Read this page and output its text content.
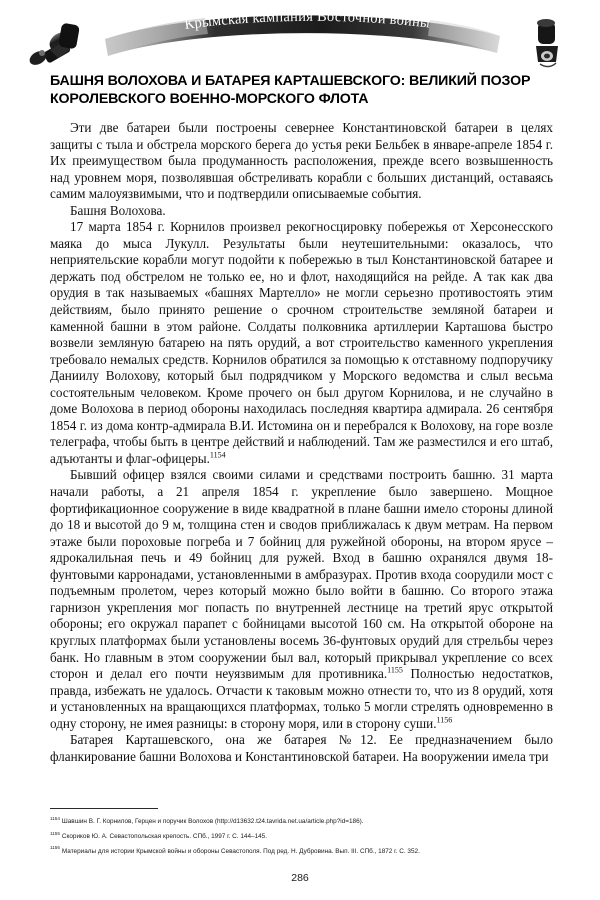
Крымская кампания Восточной войны
БАШНЯ ВОЛОХОВА И БАТАРЕЯ КАРТАШЕВСКОГО: ВЕЛИКИЙ ПОЗОР
КОРОЛЕВСКОГО ВОЕННО-МОРСКОГО ФЛОТА

Эти две батареи были построены севернее Константиновской батареи в целях защиты с тыла и обстрела морского берега до устья реки Бельбек в январе-апреле 1854 г. Их преимуществом была продуманность расположения, прежде всего возвышенность над уровнем моря, позволявшая обстреливать корабли с больших дистанций, оставаясь самим малоуязвимыми, что и подтвердили описываемые события.

Башня Волохова.

17 марта 1854 г. Корнилов произвел рекогносцировку побережья от Херсонесского маяка до мыса Лукулл. Результаты были неутешительными: оказалось, что неприятельские корабли могут подойти к побережью в тыл Константиновской батарее и держать под обстрелом не только ее, но и флот, находящийся на рейде. А так как два орудия в так называемых «башнях Мартелло» не могли серьезно противостоять этим действиям, было принято решение о срочном строительстве земляной батареи и каменной башни в этом районе. Солдаты полковника артиллерии Карташова быстро возвели земляную батарею на пять орудий, а вот строительство каменного укрепления требовало немалых средств. Корнилов обратился за помощью к отставному подпоручику Даниилу Волохову, который был подрядчиком у Морского ведомства и слыл весьма состоятельным человеком. Кроме прочего он был другом Корнилова, и не случайно в доме Волохова в период обороны находилась последняя квартира адмирала. 26 сентября 1854 г. из дома контр-адмирала В.И. Истомина он и перебрался к Волохову, на горе возле телеграфа, чтобы быть в центре действий и наблюдений. Там же разместился и его штаб, адъютанты и флаг-офицеры.$^{1154}$

Бывший офицер взялся своими силами и средствами построить башню. 31 марта начали работы, а 21 апреля 1854 г. укрепление было завершено. Мощное фортификационное сооружение в виде квадратной в плане башни имело стороны длиной до 18 и высотой до 9 м, толщина стен и сводов приближалась к двум метрам. На первом этаже были пороховые погреба и 7 бойниц для ружейной обороны, на втором ярусе – ядрокалильная печь и 49 бойниц для ружей. Вход в башню охранялся двумя 18-фунтовыми карронадами, установленными в амбразурах. Против входа соорудили мост с подъемным пролетом, через который можно было войти в башню. Со второго этажа гарнизон укрепления мог попасть по внутренней лестнице на третий ярус открытой обороны; его окружал парапет с бойницами высотой 160 см. На открытой обороне на круглых платформах были установлены восемь 36-фунтовых орудий для стрельбы через банк. Но главным в этом сооружении был вал, который прикрывал укрепление со всех сторон и делал его почти неуязвимым для противника.$^{1155}$ Полностью недостатков, правда, избежать не удалось. Отчасти к таковым можно отнести то, что из 8 орудий, хотя и установленных на вращающихся платформах, только 5 могли стрелять одновременно в одну сторону, не имея разницы: в сторону моря, или в сторону суши.$^{1156}$

Батарея Карташевского, она же батарея №12. Ее предназначением было фланкирование башни Волохова и Константиновской батареи. На вооружении имела три

$^{1154}$ Шавшин В. Г. Корнилов, Герцен и поручик Волохов (http://d13632.t24.tavrida.net.ua/article.php?id=186).
$^{1155}$ Скориков Ю. А. Севастопольская крепость. СПб., 1997 г. С. 144–145.
$^{1156}$ Материалы для истории Крымской войны и обороны Севастополя. Под ред. Н. Дубровина. Вып. III. СПб., 1872 г. С. 352.
286
